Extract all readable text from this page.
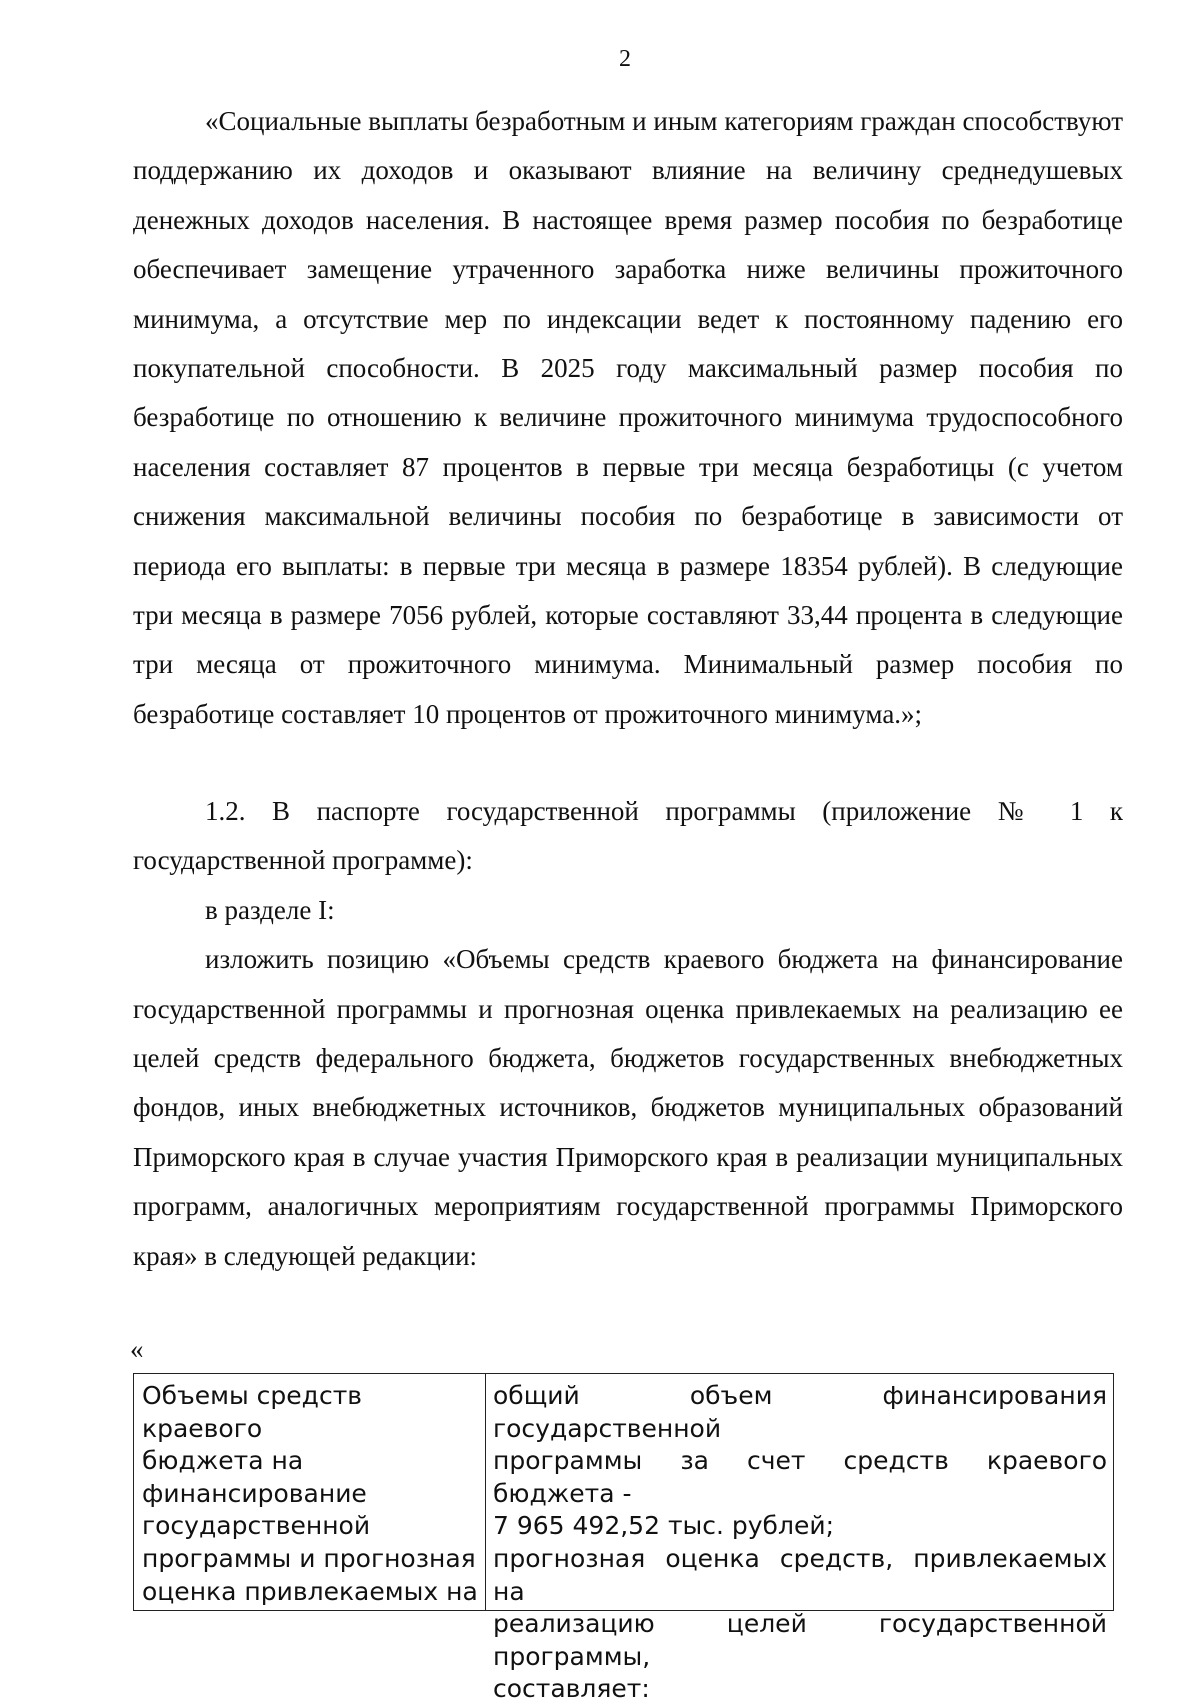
2

«Социальные выплаты безработным и иным категориям граждан способствуют поддержанию их доходов и оказывают влияние на величину среднедушевых денежных доходов населения. В настоящее время размер пособия по безработице обеспечивает замещение утраченного заработка ниже величины прожиточного минимума, а отсутствие мер по индексации ведет к постоянному падению его покупательной способности. В 2025 году максимальный размер пособия по безработице по отношению к величине прожиточного минимума трудоспособного населения составляет 87 процентов в первые три месяца безработицы (с учетом снижения максимальной величины пособия по безработице в зависимости от периода его выплаты: в первые три месяца в размере 18354 рублей). В следующие три месяца в размере 7056 рублей, которые составляют 33,44 процента в следующие три месяца от прожиточного минимума. Минимальный размер пособия по безработице составляет 10 процентов от прожиточного минимума.»;

1.2. В паспорте государственной программы (приложение № 1 к государственной программе):

в разделе I:

изложить позицию «Объемы средств краевого бюджета на финансирование государственной программы и прогнозная оценка привлекаемых на реализацию ее целей средств федерального бюджета, бюджетов государственных внебюджетных фондов, иных внебюджетных источников, бюджетов муниципальных образований Приморского края в случае участия Приморского края в реализации муниципальных программ, аналогичных мероприятиям государственной программы Приморского края» в следующей редакции:

«
Объемы средств краевого
бюджета на
финансирование
государственной
программы и прогнозная
оценка привлекаемых на
общий объем финансирования государственной
программы за счет средств краевого бюджета -
7 965 492,52 тыс. рублей;
прогнозная оценка средств, привлекаемых на
реализацию целей государственной программы,
составляет:
